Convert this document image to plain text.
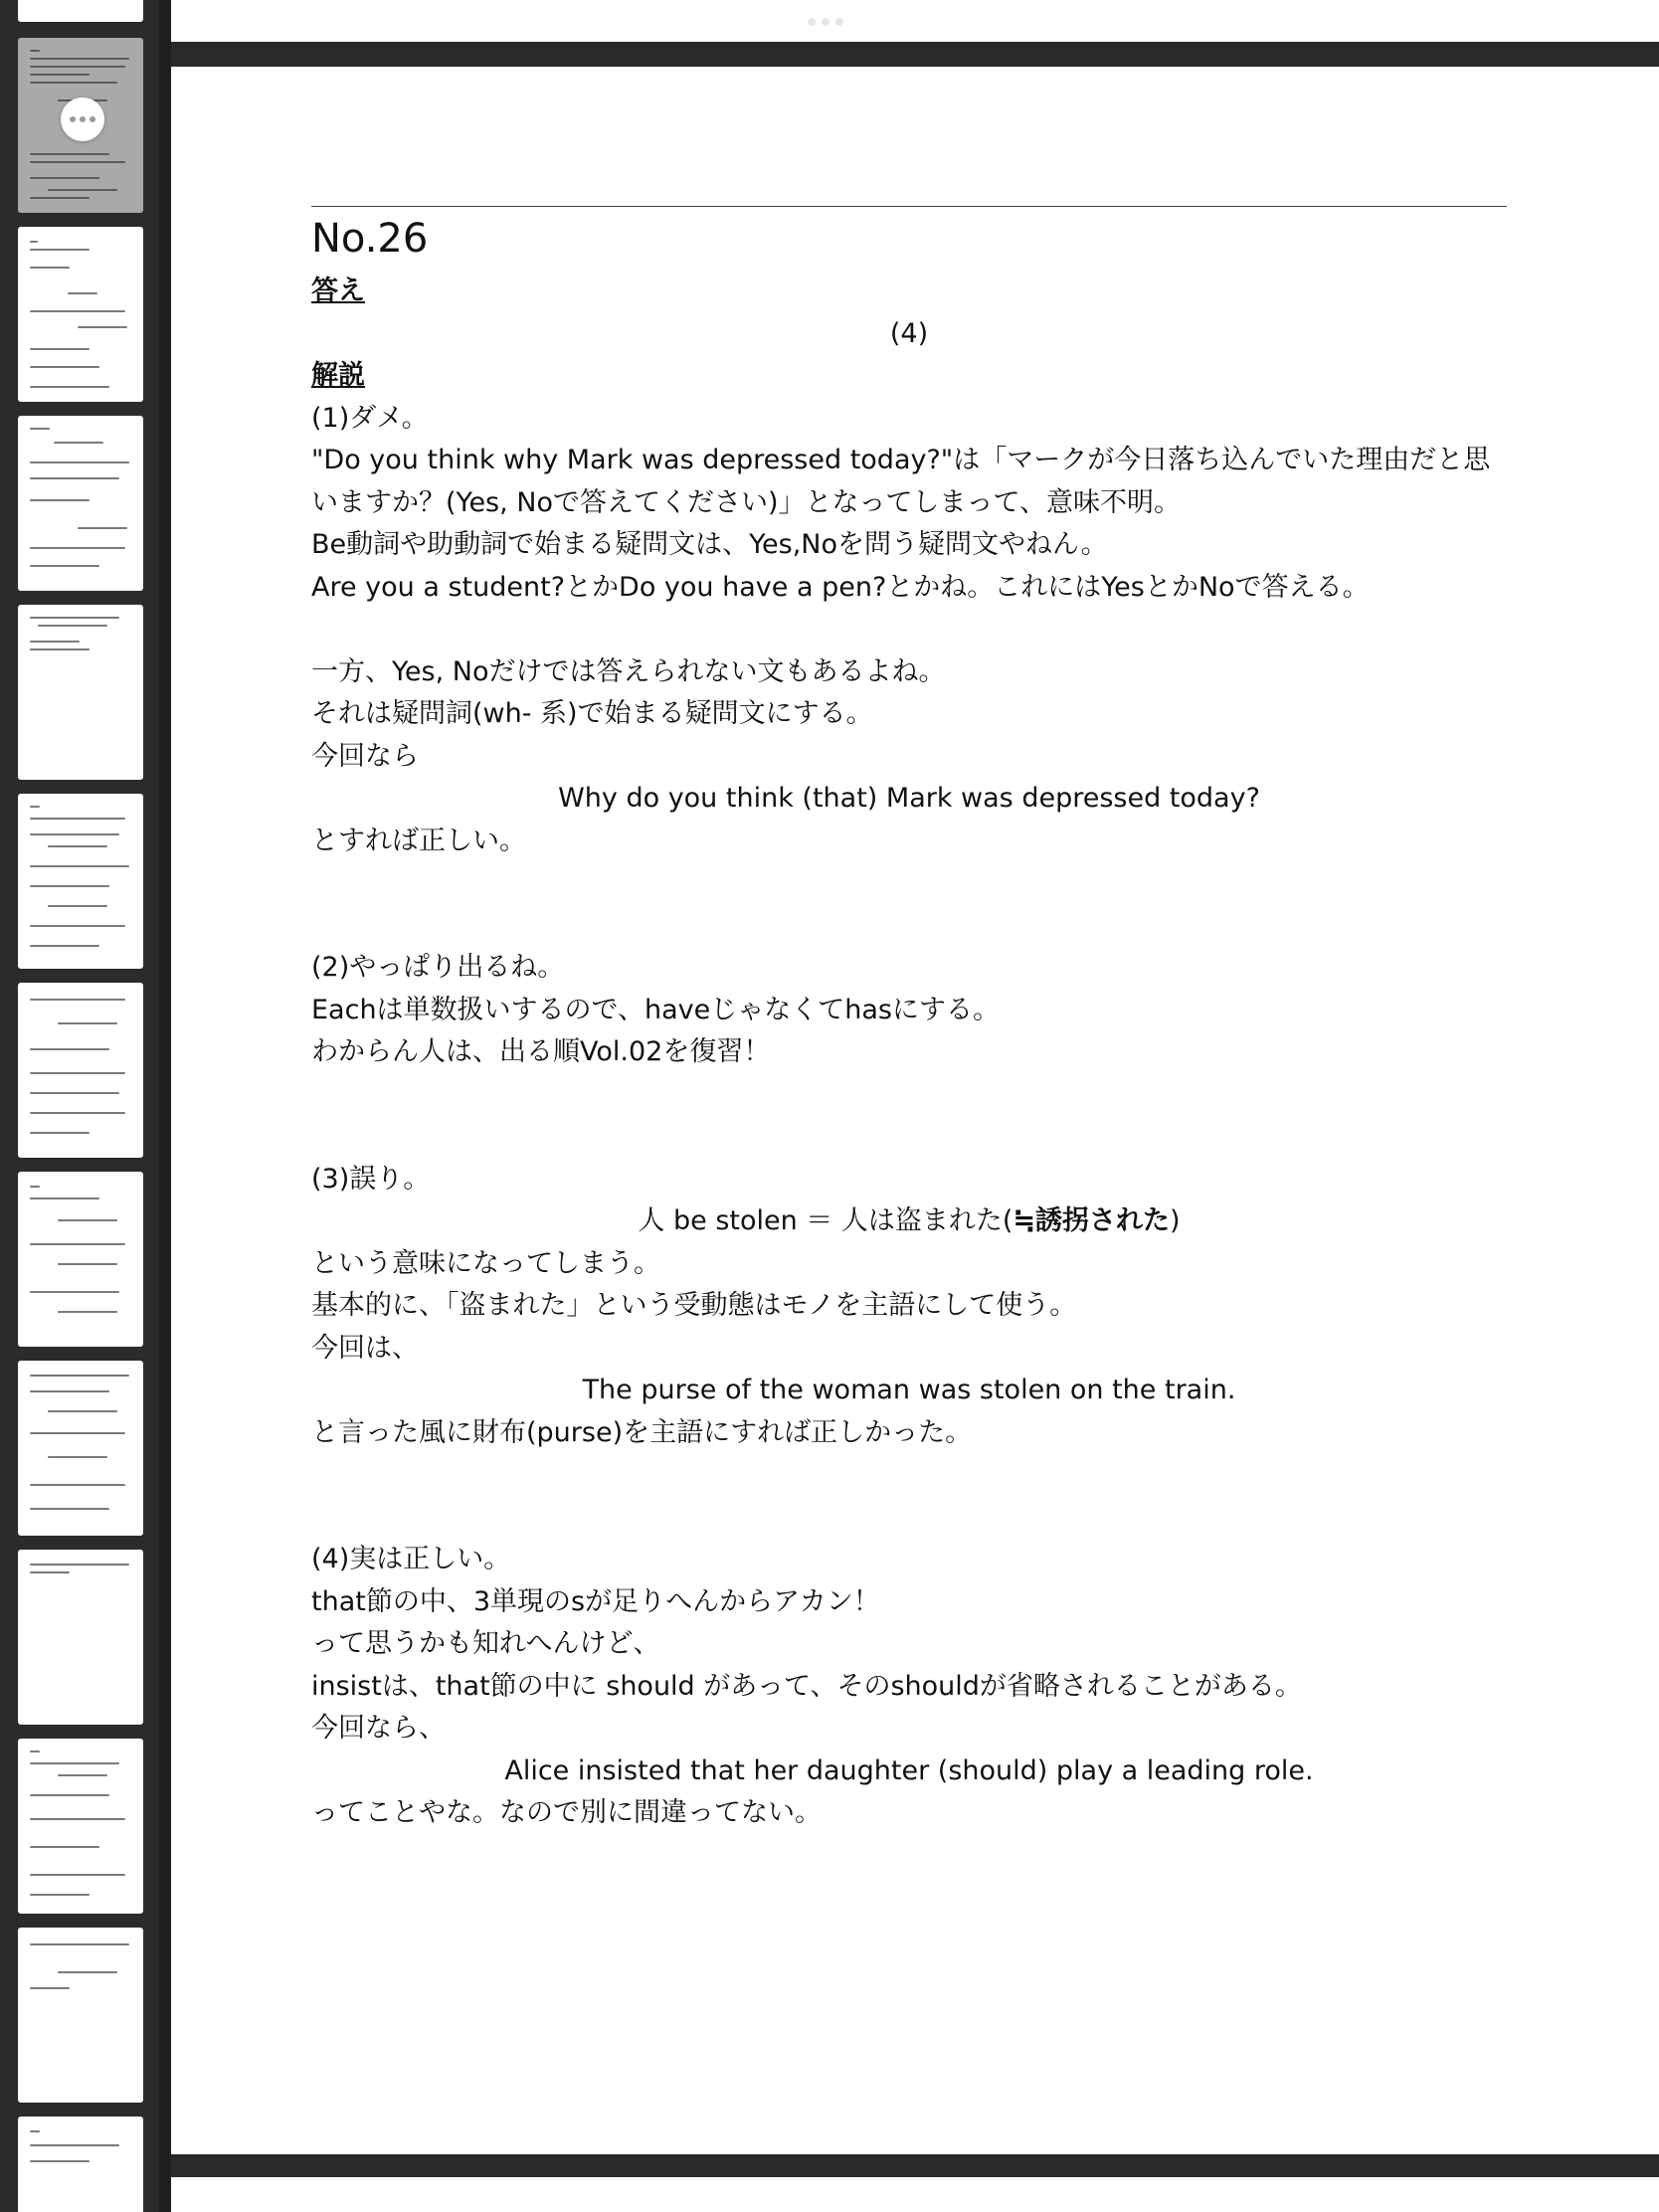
No.26
答え
(4)
解説
(1)ダメ。
"Do you think why Mark was depressed today?"は「マークが今日落ち込んでいた理由だと思いますか？(Yes, Noで答えてください)」となってしまって、意味不明。
Be動詞や助動詞で始まる疑問文は、Yes,Noを問う疑問文やねん。
Are you a student?とかDo you have a pen?とかね。これにはYesとかNoで答える。
一方、Yes, Noだけでは答えられない文もあるよね。
それは疑問詞(wh- 系)で始まる疑問文にする。
今回なら
Why do you think (that) Mark was depressed today?
とすれば正しい。
(2)やっぱり出るね。
Eachは単数扱いするので、haveじゃなくてhasにする。
わからん人は、出る順Vol.02を復習！
(3)誤り。
人 be stolen ＝ 人は盗まれた(≒誘拐された)
という意味になってしまう。
基本的に、「盗まれた」という受動態はモノを主語にして使う。
今回は、
The purse of the woman was stolen on the train.
と言った風に財布(purse)を主語にすれば正しかった。
(4)実は正しい。
that節の中、3単現のsが足りへんからアカン！
って思うかも知れへんけど、
insistは、that節の中に should があって、そのshouldが省略されることがある。
今回なら、
Alice insisted that her daughter (should) play a leading role.
ってことやな。なので別に間違ってない。
